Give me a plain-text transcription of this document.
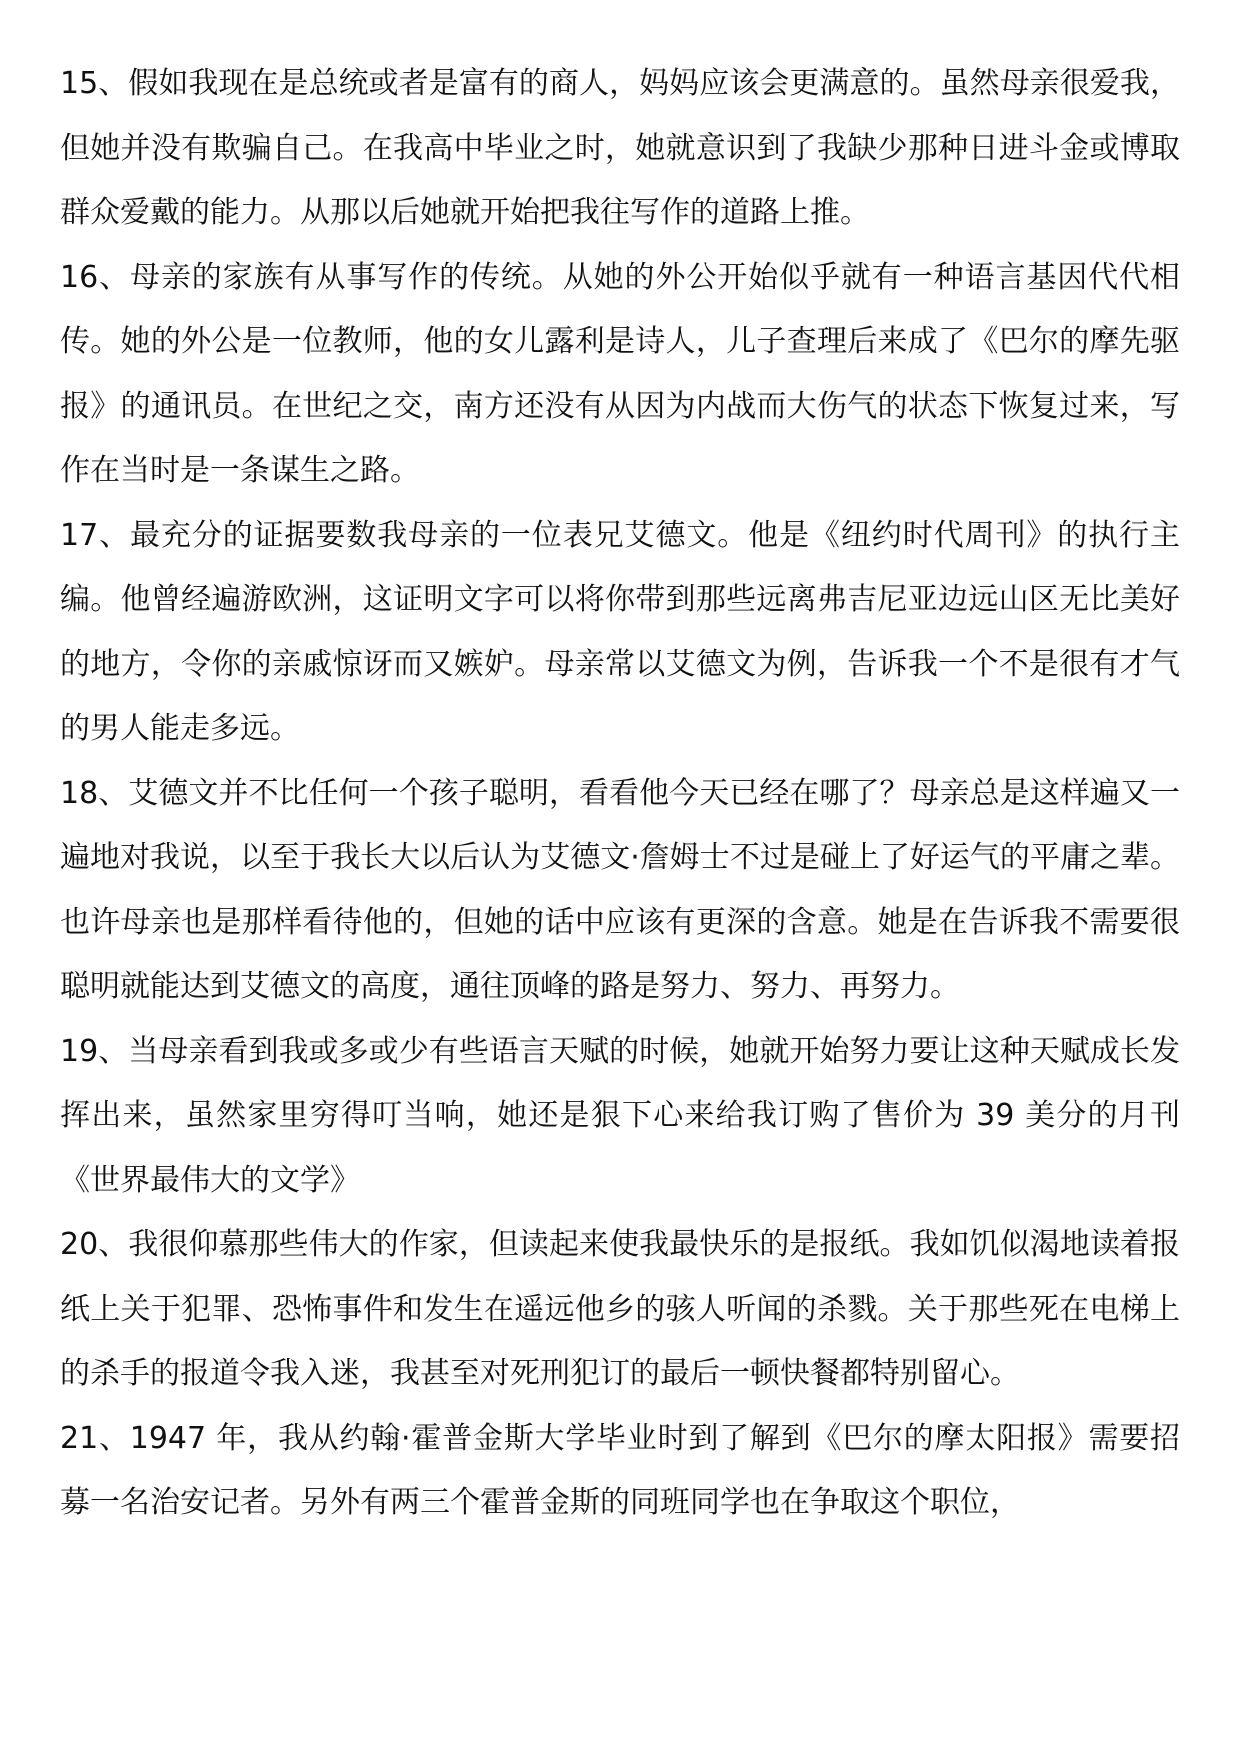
15、假如我现在是总统或者是富有的商人，妈妈应该会更满意的。虽然母亲很爱我，但她并没有欺骗自己。在我高中毕业之时，她就意识到了我缺少那种日进斗金或博取群众爱戴的能力。从那以后她就开始把我往写作的道路上推。

16、母亲的家族有从事写作的传统。从她的外公开始似乎就有一种语言基因代代相传。她的外公是一位教师，他的女儿露利是诗人，儿子查理后来成了《巴尔的摩先驱报》的通讯员。在世纪之交，南方还没有从因为内战而大伤气的状态下恢复过来，写作在当时是一条谋生之路。

17、最充分的证据要数我母亲的一位表兄艾德文。他是《纽约时代周刊》的执行主编。他曾经遍游欧洲，这证明文字可以将你带到那些远离弗吉尼亚边远山区无比美好的地方，令你的亲戚惊讶而又嫉妒。母亲常以艾德文为例，告诉我一个不是很有才气的男人能走多远。

18、艾德文并不比任何一个孩子聪明，看看他今天已经在哪了？母亲总是这样遍又一遍地对我说，以至于我长大以后认为艾德文·詹姆士不过是碰上了好运气的平庸之辈。也许母亲也是那样看待他的，但她的话中应该有更深的含意。她是在告诉我不需要很聪明就能达到艾德文的高度，通往顶峰的路是努力、努力、再努力。

19、当母亲看到我或多或少有些语言天赋的时候，她就开始努力要让这种天赋成长发挥出来，虽然家里穷得叮当响，她还是狠下心来给我订购了售价为 39 美分的月刊《世界最伟大的文学》

20、我很仰慕那些伟大的作家，但读起来使我最快乐的是报纸。我如饥似渴地读着报纸上关于犯罪、恐怖事件和发生在遥远他乡的骇人听闻的杀戮。关于那些死在电梯上的杀手的报道令我入迷，我甚至对死刑犯订的最后一顿快餐都特别留心。

21、1947 年，我从约翰·霍普金斯大学毕业时到了解到《巴尔的摩太阳报》需要招募一名治安记者。另外有两三个霍普金斯的同班同学也在争取这个职位，
